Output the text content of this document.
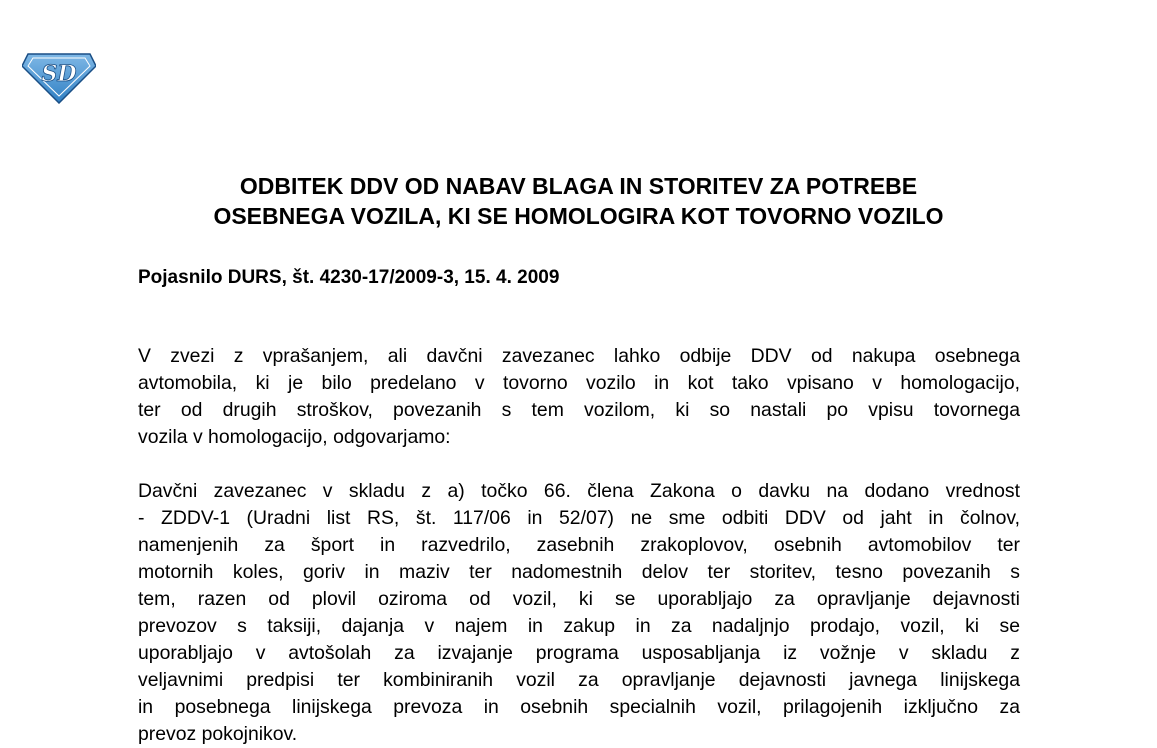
SD
ODBITEK DDV OD NABAV BLAGA IN STORITEV ZA POTREBE
OSEBNEGA VOZILA, KI SE HOMOLOGIRA KOT TOVORNO VOZILO

Pojasnilo DURS, št. 4230-17/2009-3, 15. 4. 2009

V zvezi z vprašanjem, ali davčni zavezanec lahko odbije DDV od nakupa osebnega
avtomobila, ki je bilo predelano v tovorno vozilo in kot tako vpisano v homologacijo,
ter od drugih stroškov, povezanih s tem vozilom, ki so nastali po vpisu tovornega
vozila v homologacijo, odgovarjamo:

Davčni zavezanec v skladu z a) točko 66. člena Zakona o davku na dodano vrednost
- ZDDV-1 (Uradni list RS, št. 117/06 in 52/07) ne sme odbiti DDV od jaht in čolnov,
namenjenih za šport in razvedrilo, zasebnih zrakoplovov, osebnih avtomobilov ter
motornih koles, goriv in maziv ter nadomestnih delov ter storitev, tesno povezanih s
tem, razen od plovil oziroma od vozil, ki se uporabljajo za opravljanje dejavnosti
prevozov s taksiji, dajanja v najem in zakup in za nadaljnjo prodajo, vozil, ki se
uporabljajo v avtošolah za izvajanje programa usposabljanja iz vožnje v skladu z
veljavnimi predpisi ter kombiniranih vozil za opravljanje dejavnosti javnega linijskega
in posebnega linijskega prevoza in osebnih specialnih vozil, prilagojenih izključno za
prevoz pokojnikov.
